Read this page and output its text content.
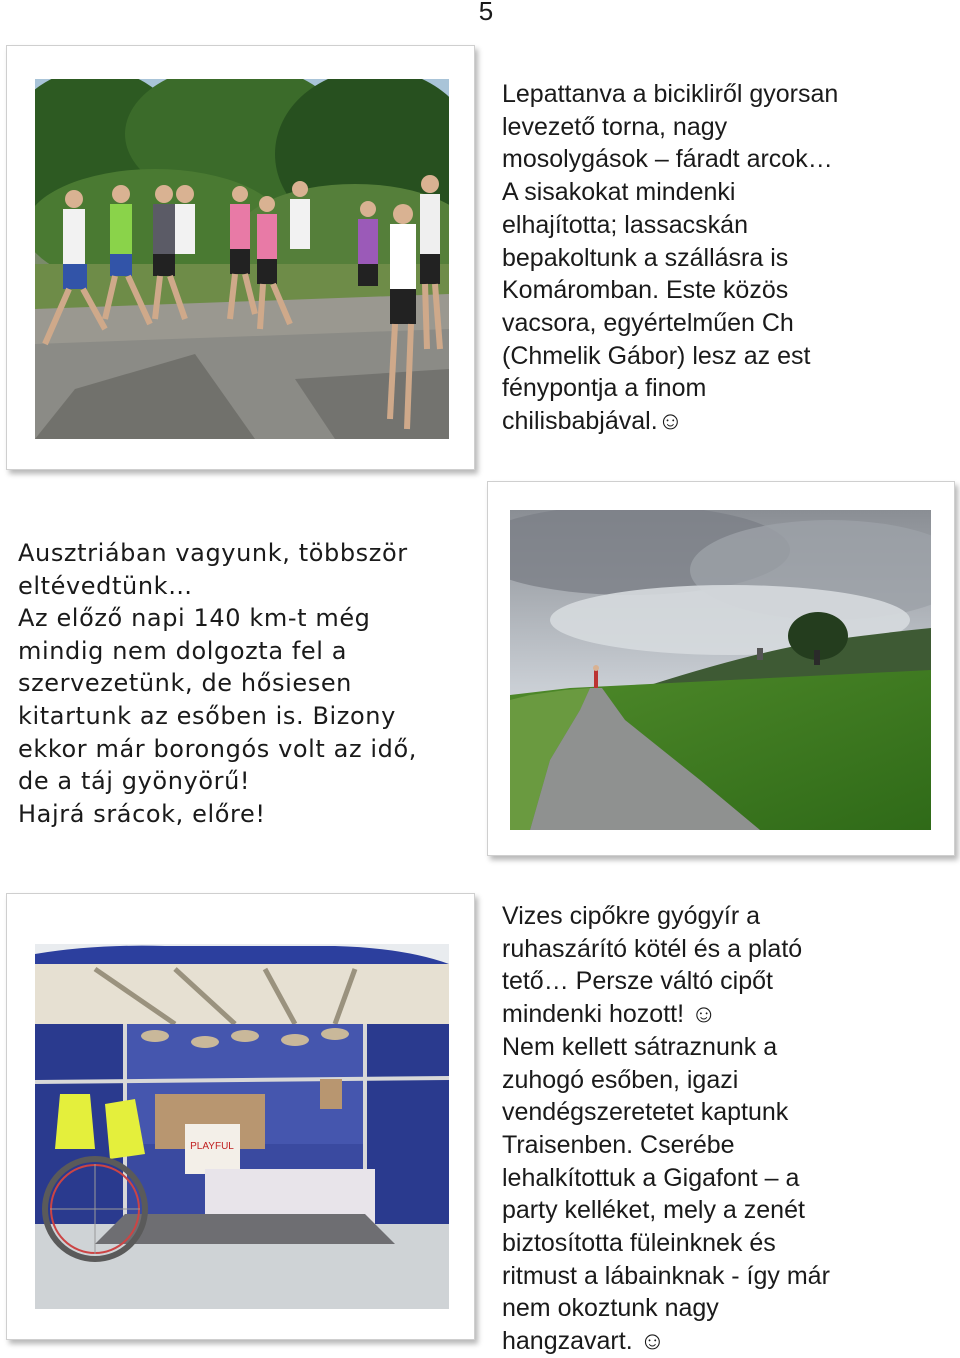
5

Lepattanva a bicikliről gyorsan
levezető torna, nagy
mosolygások – fáradt arcok…
A sisakokat mindenki
elhajította; lassacskán
bepakoltunk a szállásra is
Komáromban. Este közös
vacsora, egyértelműen Ch
(Chmelik Gábor) lesz az est
fénypontja a finom
chilisbabjával.☺

Ausztriában vagyunk, többször
eltévedtünk…
Az előző napi 140 km-t még
mindig nem dolgozta fel a
szervezetünk, de hősiesen
kitartunk az esőben is. Bizony
ekkor már borongós volt az idő,
de a táj gyönyörű!
Hajrá srácok, előre!

PLAYFUL

Vizes cipőkre gyógyír a
ruhaszárító kötél és a plató
tető… Persze váltó cipőt
mindenki hozott! ☺
Nem kellett sátraznunk a
zuhogó esőben, igazi
vendégszeretetet kaptunk
Traisenben. Cserébe
lehalkítottuk a Gigafont – a
party kelléket, mely a zenét
biztosította füleinknek és
ritmust a lábainknak - így már
nem okoztunk nagy
hangzavart. ☺
